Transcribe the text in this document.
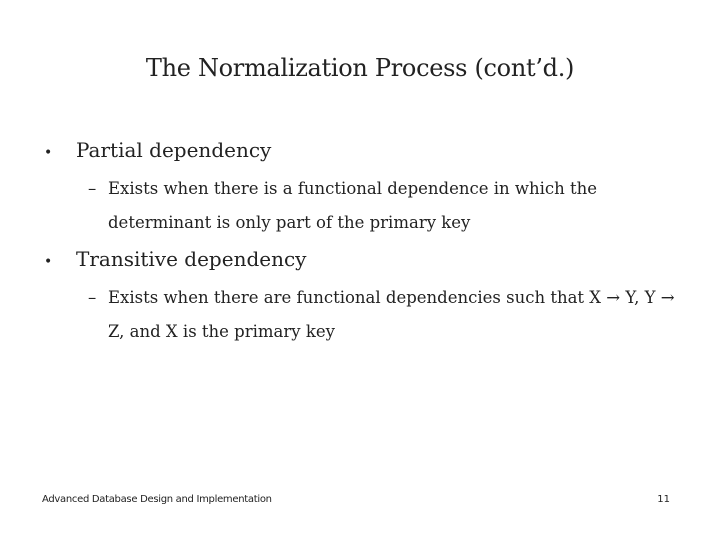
The Normalization Process (cont’d.)
•	Partial dependency
– Exists when there is a functional dependence in which the determinant is only part of the primary key
•	Transitive dependency
– Exists when there are functional dependencies such that X → Y, Y → Z, and X is the primary key
Advanced Database Design and Implementation	11
